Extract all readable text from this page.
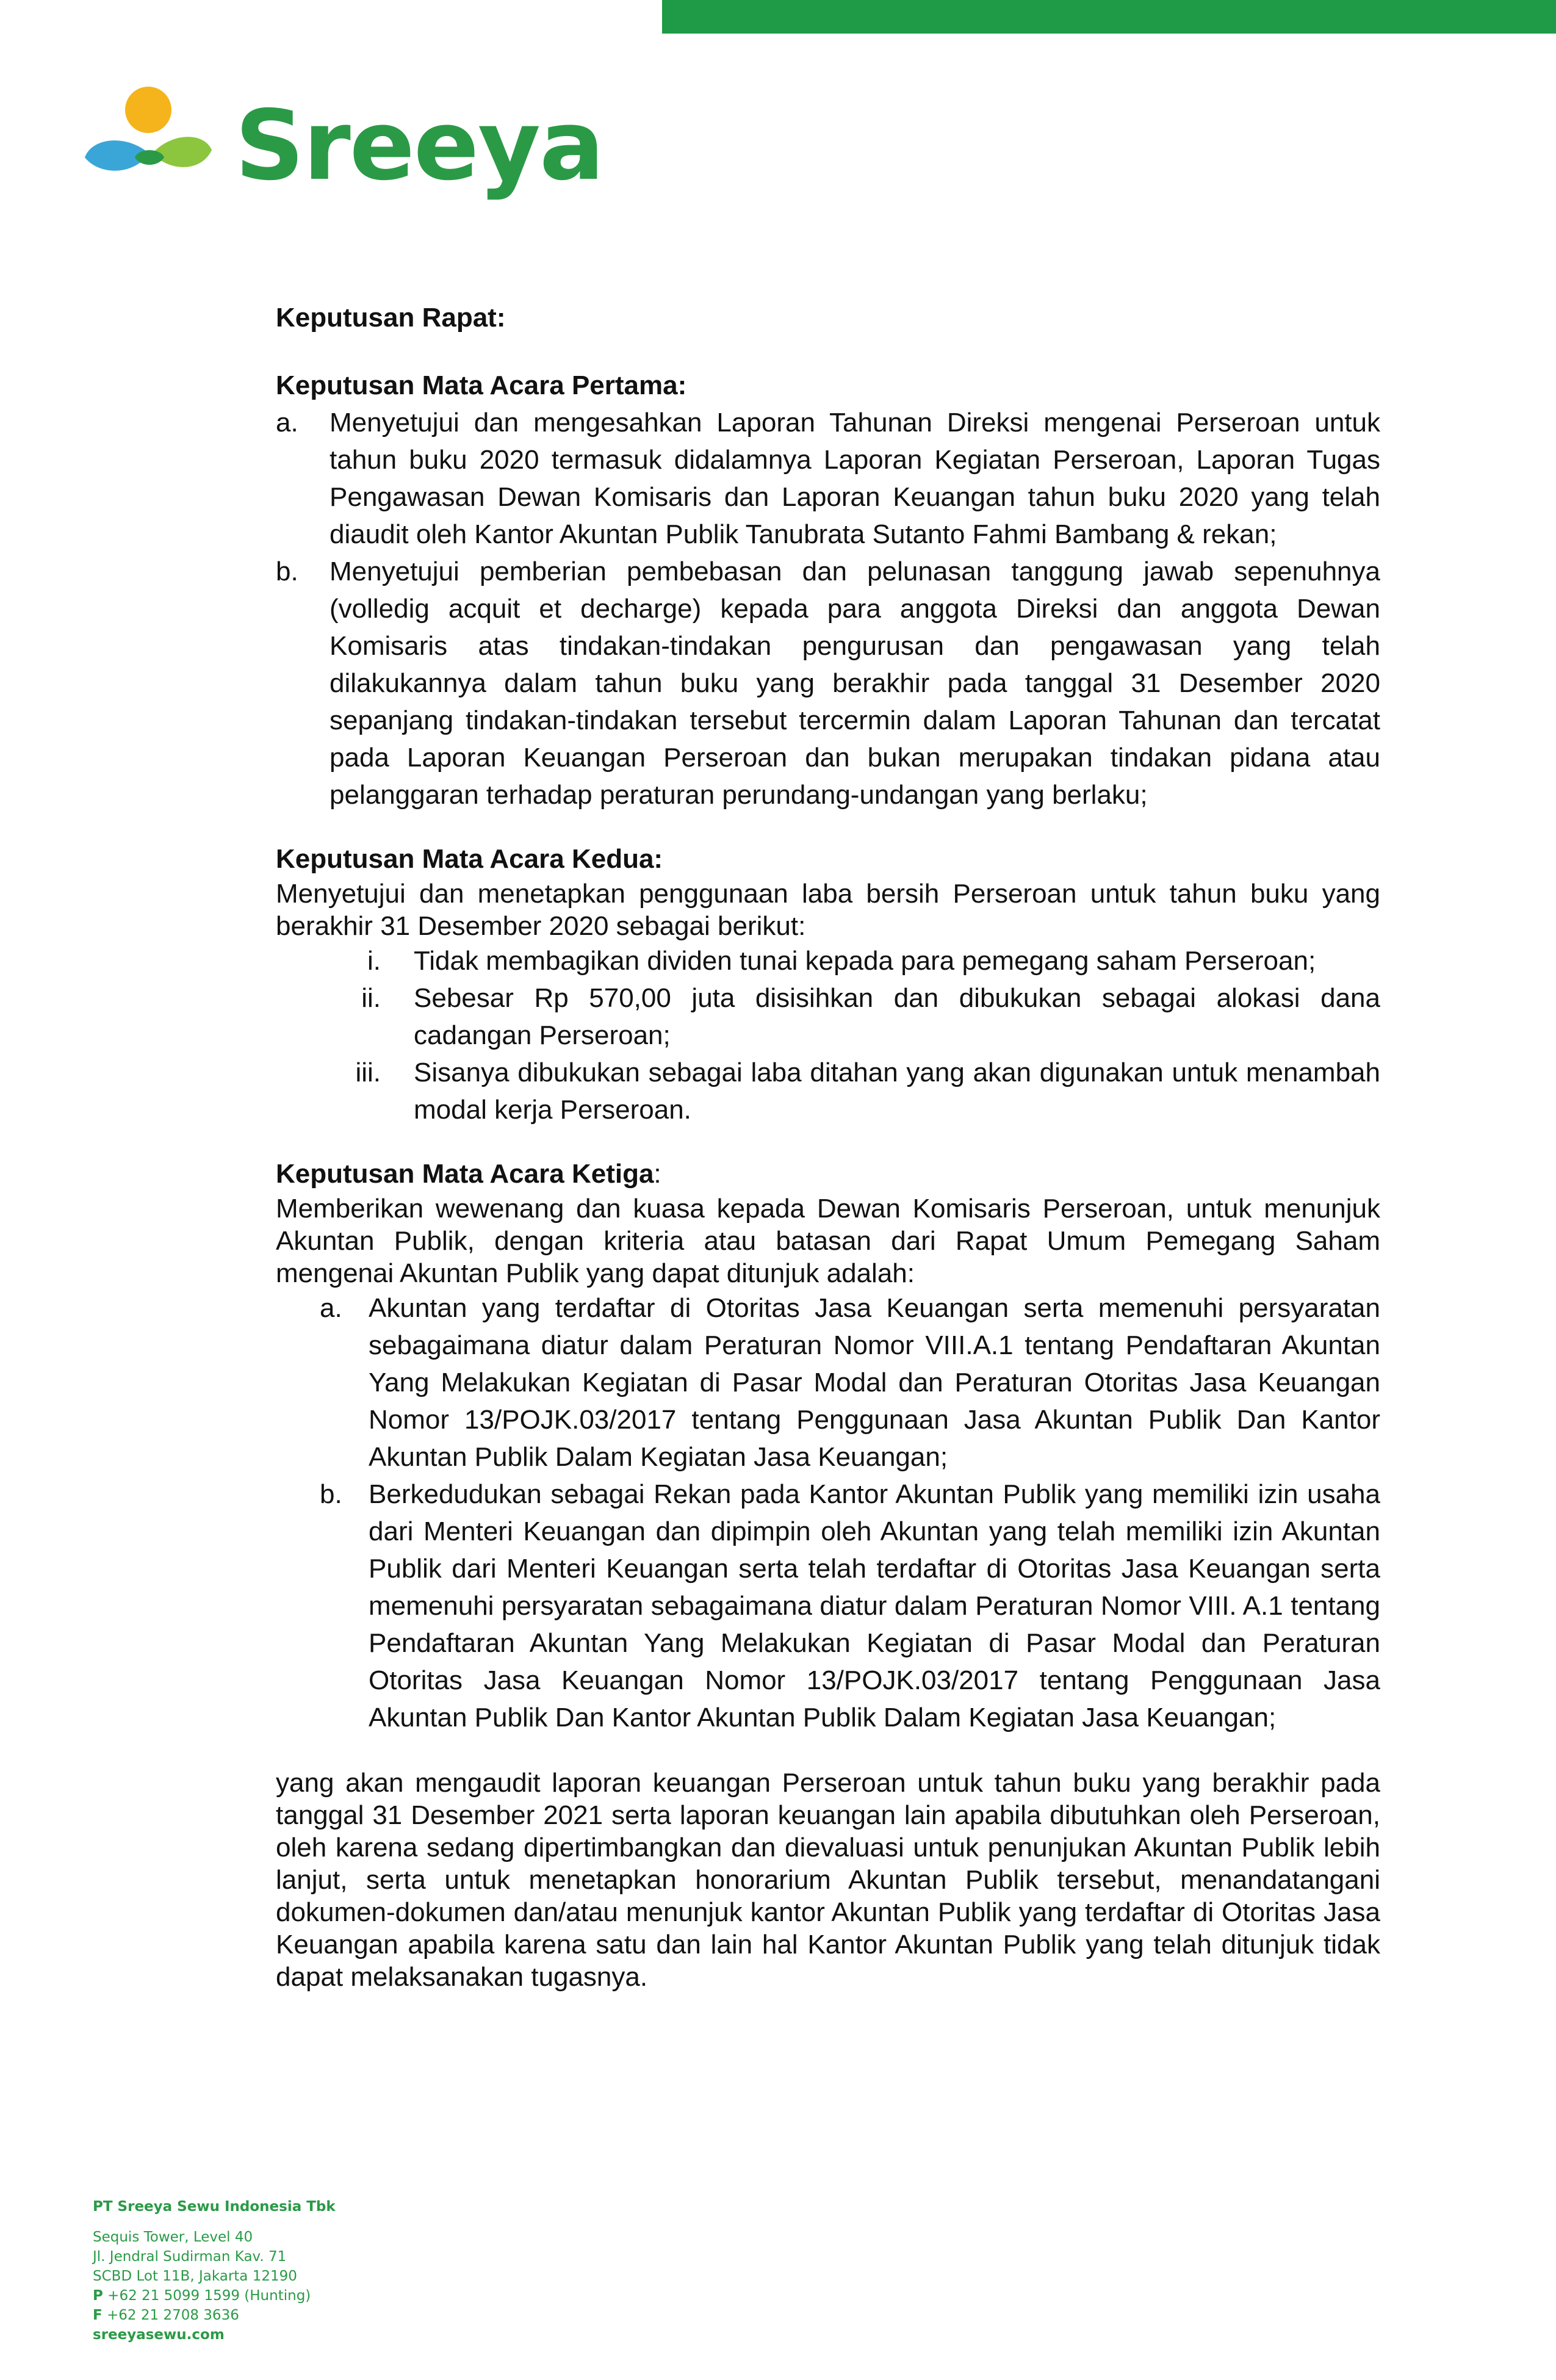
Sreeya
Keputusan Rapat:
Keputusan Mata Acara Pertama:
a.	Menyetujui dan mengesahkan Laporan Tahunan Direksi mengenai Perseroan untuk tahun buku 2020 termasuk didalamnya Laporan Kegiatan Perseroan, Laporan Tugas Pengawasan Dewan Komisaris dan Laporan Keuangan tahun buku 2020 yang telah diaudit oleh Kantor Akuntan Publik Tanubrata Sutanto Fahmi Bambang & rekan;
b.	Menyetujui pemberian pembebasan dan pelunasan tanggung jawab sepenuhnya (volledig acquit et decharge) kepada para anggota Direksi dan anggota Dewan Komisaris atas tindakan-tindakan pengurusan dan pengawasan yang telah dilakukannya dalam tahun buku yang berakhir pada tanggal 31 Desember 2020 sepanjang tindakan-tindakan tersebut tercermin dalam Laporan Tahunan dan tercatat pada Laporan Keuangan Perseroan dan bukan merupakan tindakan pidana atau pelanggaran terhadap peraturan perundang-undangan yang berlaku;
Keputusan Mata Acara Kedua:
Menyetujui dan menetapkan penggunaan laba bersih Perseroan untuk tahun buku yang berakhir 31 Desember 2020 sebagai berikut:
i.	Tidak membagikan dividen tunai kepada para pemegang saham Perseroan;
ii.	Sebesar Rp 570,00 juta disisihkan dan dibukukan sebagai alokasi dana cadangan Perseroan;
iii.	Sisanya dibukukan sebagai laba ditahan yang akan digunakan untuk menambah modal kerja Perseroan.
Keputusan Mata Acara Ketiga:
Memberikan wewenang dan kuasa kepada Dewan Komisaris Perseroan, untuk menunjuk Akuntan Publik, dengan kriteria atau batasan dari Rapat Umum Pemegang Saham mengenai Akuntan Publik yang dapat ditunjuk adalah:
a. Akuntan yang terdaftar di Otoritas Jasa Keuangan serta memenuhi persyaratan sebagaimana diatur dalam Peraturan Nomor VIII.A.1 tentang Pendaftaran Akuntan Yang Melakukan Kegiatan di Pasar Modal dan Peraturan Otoritas Jasa Keuangan Nomor 13/POJK.03/2017 tentang Penggunaan Jasa Akuntan Publik Dan Kantor Akuntan Publik Dalam Kegiatan Jasa Keuangan;
b. Berkedudukan sebagai Rekan pada Kantor Akuntan Publik yang memiliki izin usaha dari Menteri Keuangan dan dipimpin oleh Akuntan yang telah memiliki izin Akuntan Publik dari Menteri Keuangan serta telah terdaftar di Otoritas Jasa Keuangan serta memenuhi persyaratan sebagaimana diatur dalam Peraturan Nomor VIII. A.1 tentang Pendaftaran Akuntan Yang Melakukan Kegiatan di Pasar Modal dan Peraturan Otoritas Jasa Keuangan Nomor 13/POJK.03/2017 tentang Penggunaan Jasa Akuntan Publik Dan Kantor Akuntan Publik Dalam Kegiatan Jasa Keuangan;
yang akan mengaudit laporan keuangan Perseroan untuk tahun buku yang berakhir pada tanggal 31 Desember 2021 serta laporan keuangan lain apabila dibutuhkan oleh Perseroan, oleh karena sedang dipertimbangkan dan dievaluasi untuk penunjukan Akuntan Publik lebih lanjut, serta untuk menetapkan honorarium Akuntan Publik tersebut, menandatangani dokumen-dokumen dan/atau menunjuk kantor Akuntan Publik yang terdaftar di Otoritas Jasa Keuangan apabila karena satu dan lain hal Kantor Akuntan Publik yang telah ditunjuk tidak dapat melaksanakan tugasnya.
PT Sreeya Sewu Indonesia Tbk
Sequis Tower, Level 40
Jl. Jendral Sudirman Kav. 71
SCBD Lot 11B, Jakarta 12190
P +62 21 5099 1599 (Hunting)
F +62 21 2708 3636
sreeyasewu.com
